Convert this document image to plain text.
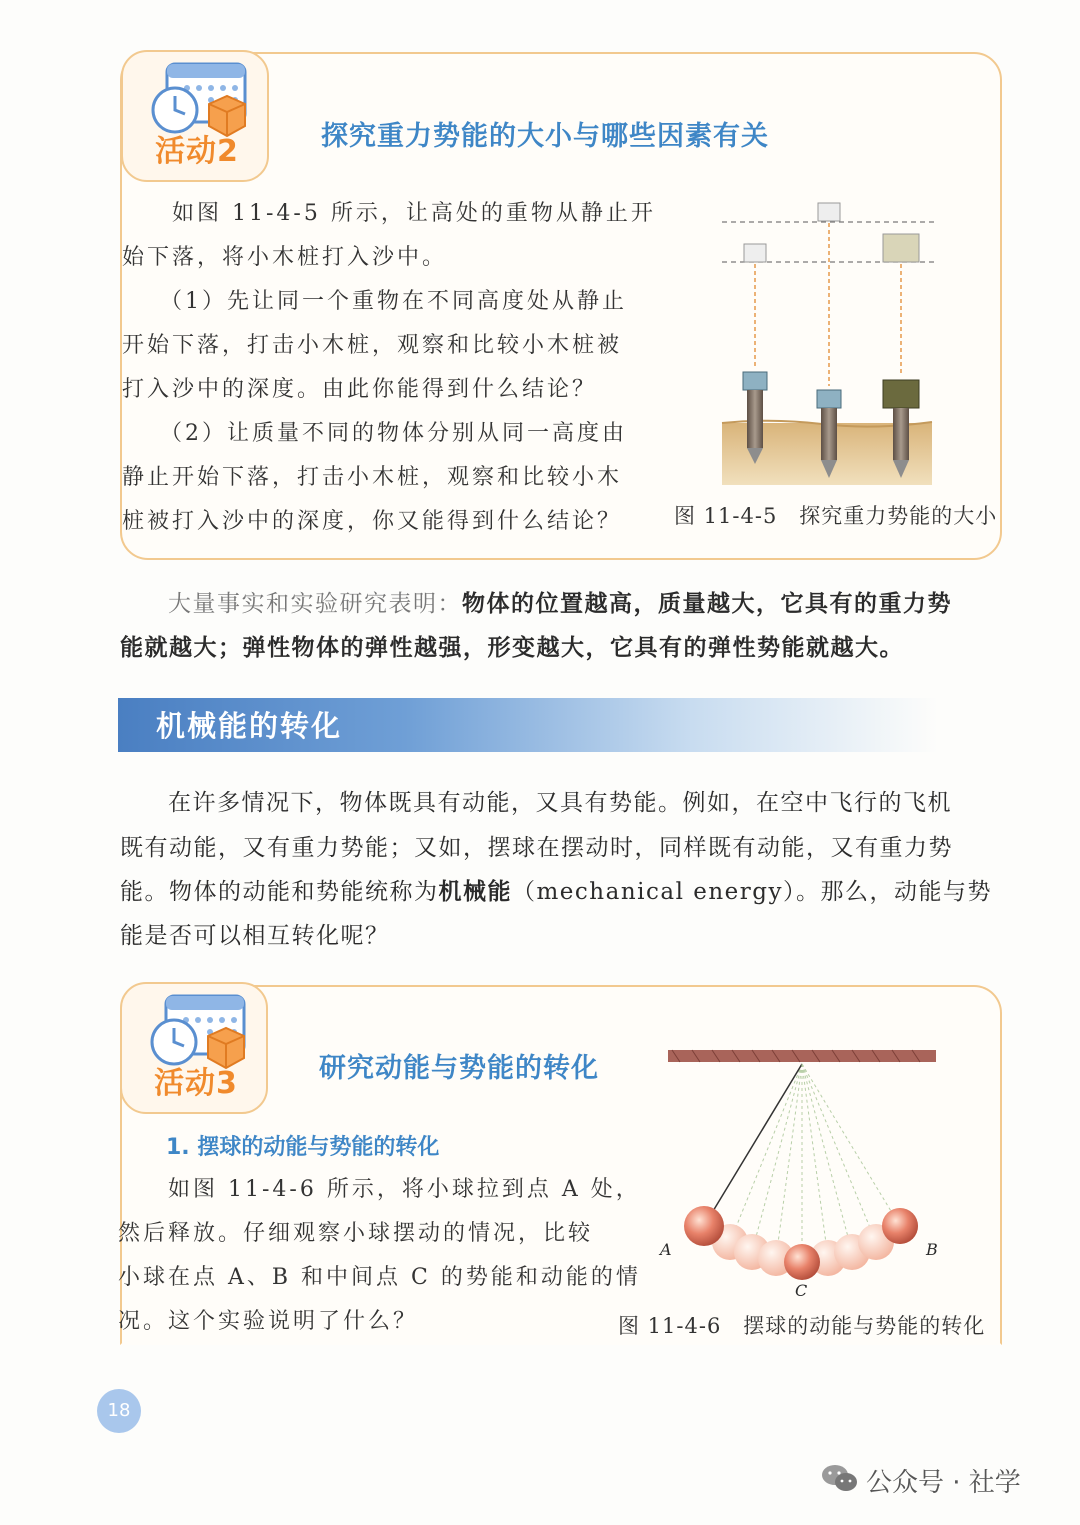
活动2	探究重力势能的大小与哪些因素有关
如图 11-4-5 所示，让高处的重物从静止开
始下落，将小木桩打入沙中。
（1）先让同一个重物在不同高度处从静止
开始下落，打击小木桩，观察和比较小木桩被
打入沙中的深度。由此你能得到什么结论？
（2）让质量不同的物体分别从同一高度由
静止开始下落，打击小木桩，观察和比较小木
桩被打入沙中的深度，你又能得到什么结论？ 图 11-4-5　探究重力势能的大小
大量事实和实验研究表明：物体的位置越高，质量越大，它具有的重力势
能就越大；弹性物体的弹性越强，形变越大，它具有的弹性势能就越大。
机械能的转化
在许多情况下，物体既具有动能，又具有势能。例如，在空中飞行的飞机
既有动能，又有重力势能；又如，摆球在摆动时，同样既有动能，又有重力势
能。物体的动能和势能统称为机械能（mechanical energy）。那么，动能与势
能是否可以相互转化呢？
活动3	研究动能与势能的转化
1. 摆球的动能与势能的转化
如图 11-4-6 所示，将小球拉到点 A 处，
然后释放。仔细观察小球摆动的情况，比较
小球在点 A、B 和中间点 C 的势能和动能的情
况。这个实验说明了什么？
A	B
C
图 11-4-6　摆球的动能与势能的转化
18
公众号 · 社学
